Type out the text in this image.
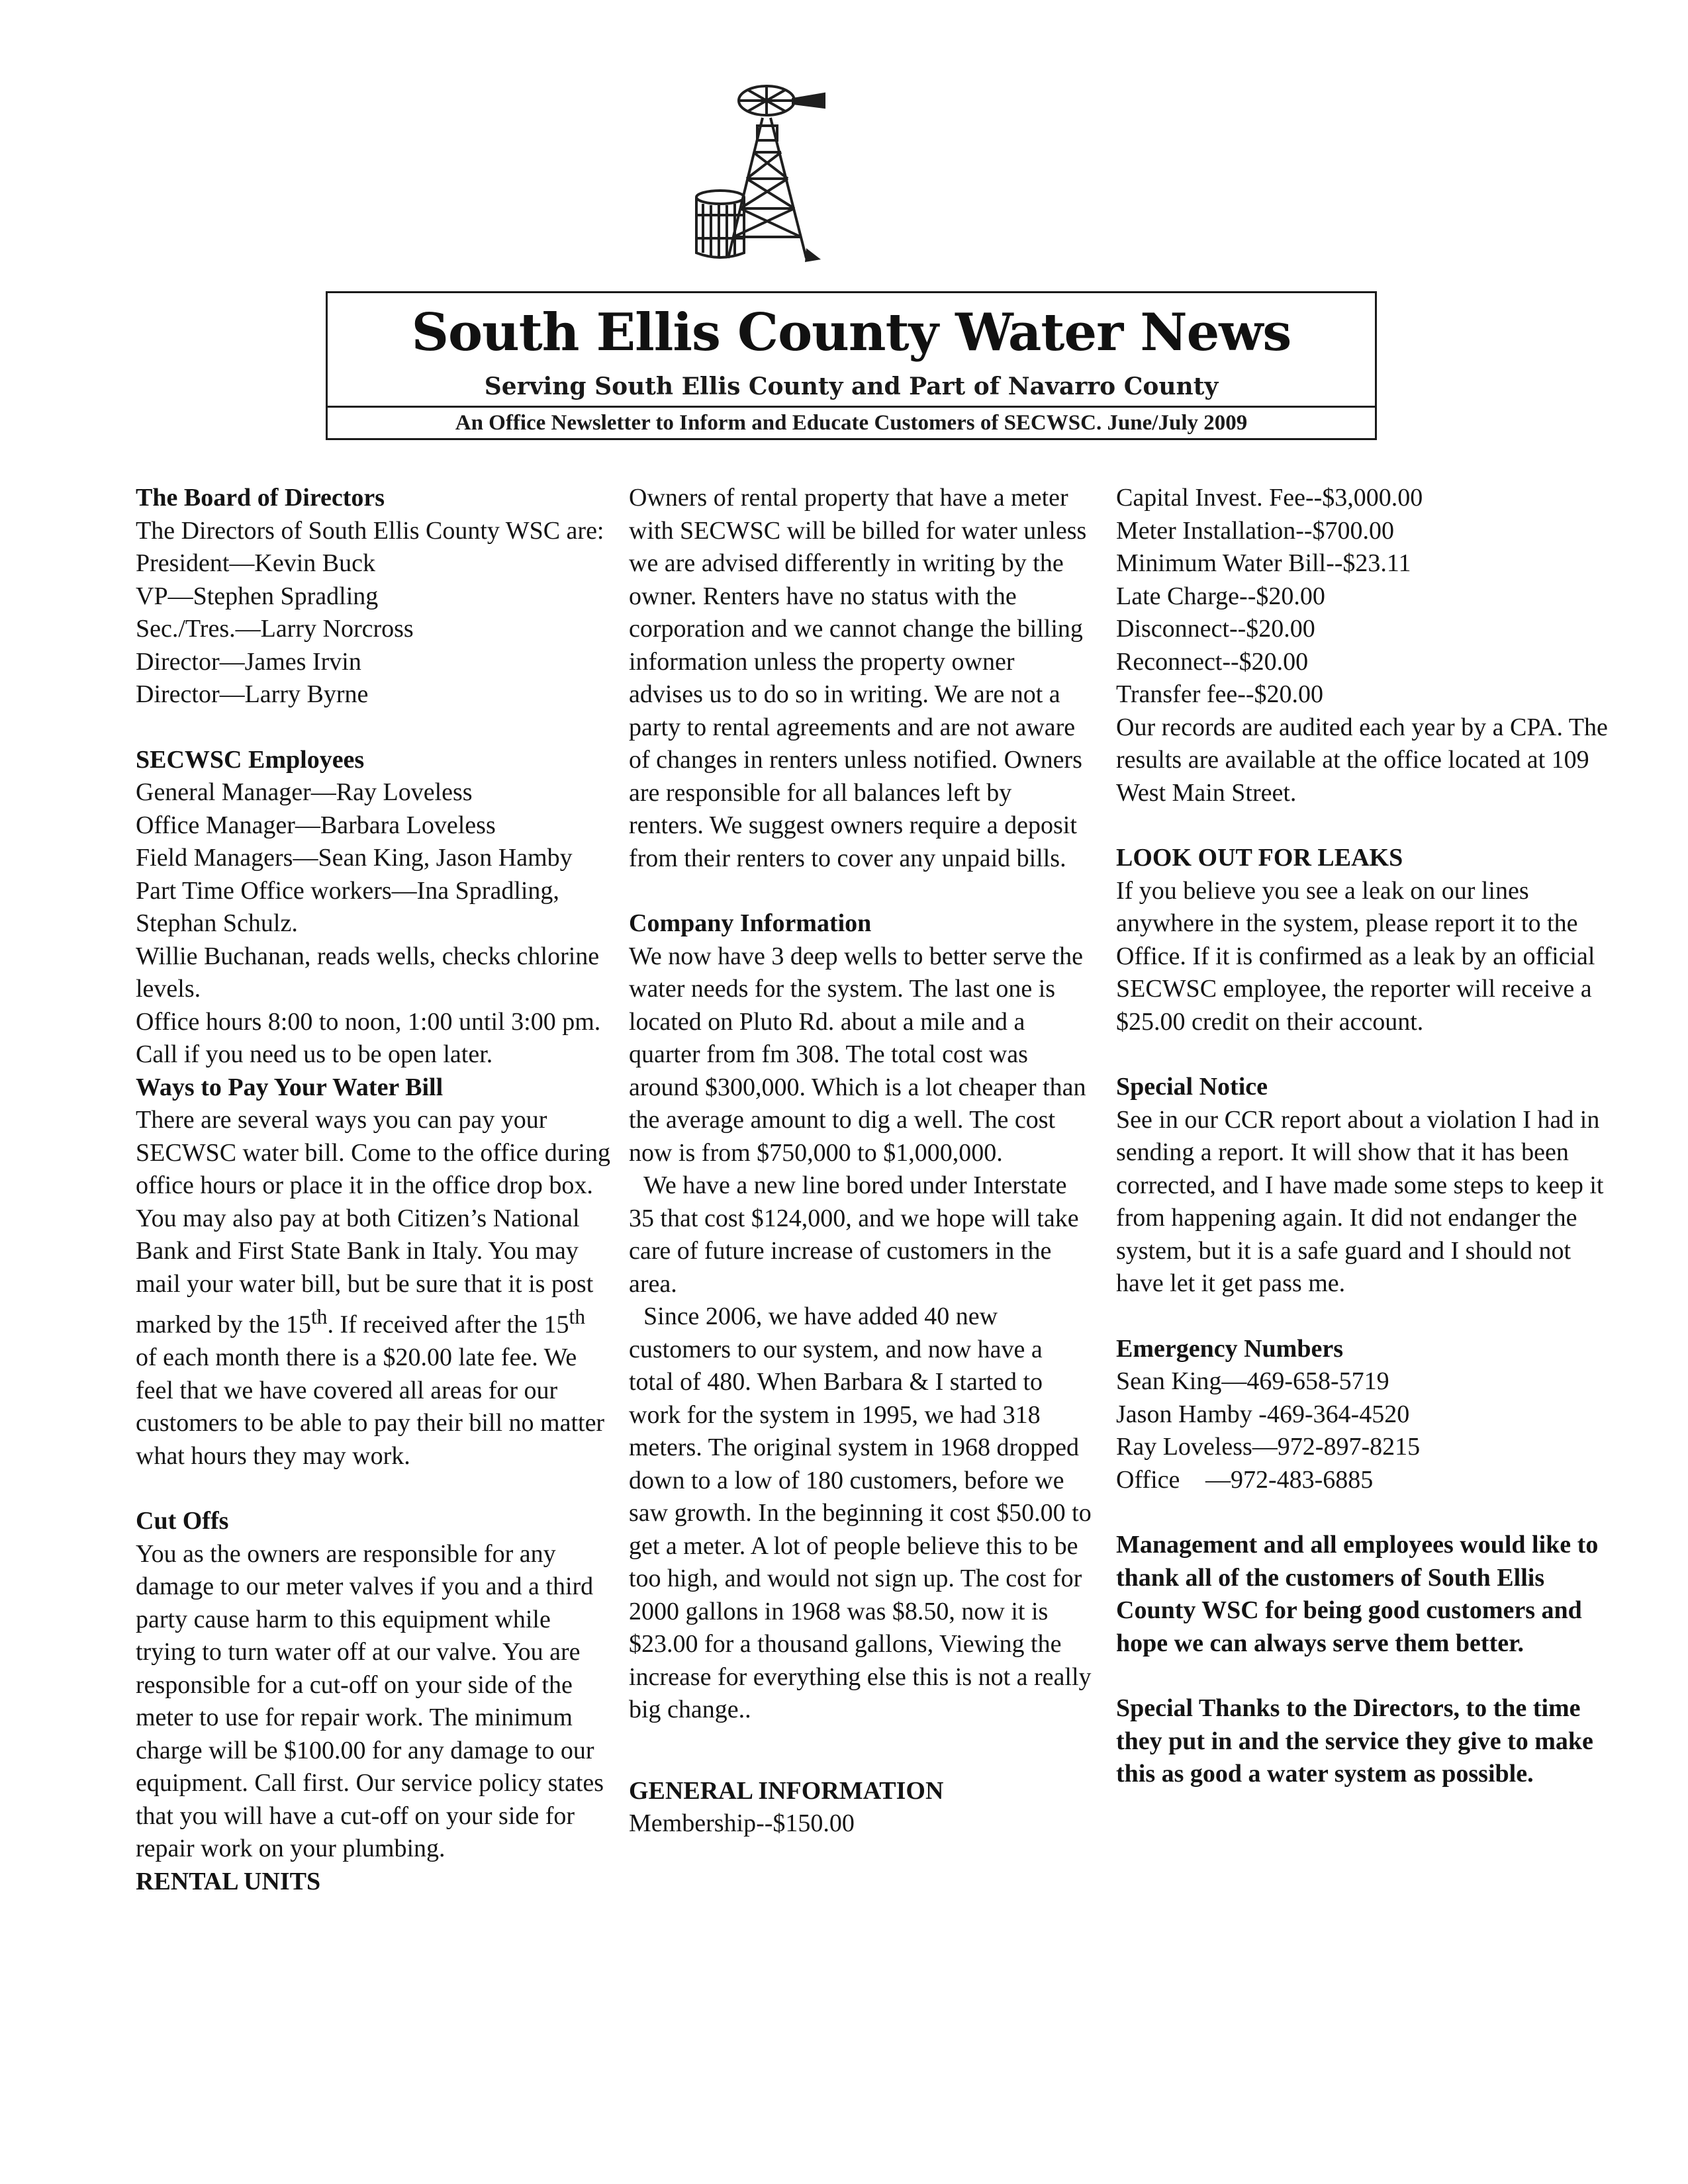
South Ellis County Water News
Serving South Ellis County and Part of Navarro County
An Office Newsletter to Inform and Educate Customers of SECWSC. June/July 2009

The Board of Directors

The Directors of South Ellis County WSC are:

President—Kevin Buck

VP—Stephen Spradling

Sec./Tres.—Larry Norcross

Director—James Irvin

Director—Larry Byrne

SECWSC Employees

General Manager—Ray Loveless

Office Manager—Barbara Loveless

Field Managers—Sean King, Jason Hamby

Part Time Office workers—Ina Spradling, Stephan Schulz.

Willie Buchanan, reads wells, checks chlorine levels.

Office hours 8:00 to noon, 1:00 until 3:00 pm. Call if you need us to be open later.

Ways to Pay Your Water Bill

There are several ways you can pay your SECWSC water bill. Come to the office during office hours or place it in the office drop box. You may also pay at both Citizen’s National Bank and First State Bank in Italy. You may mail your water bill, but be sure that it is post marked by the 15th. If received after the 15th of each month there is a $20.00 late fee. We feel that we have covered all areas for our customers to be able to pay their bill no matter what hours they may work.

Cut Offs

You as the owners are responsible for any damage to our meter valves if you and a third party cause harm to this equipment while trying to turn water off at our valve. You are responsible for a cut-off on your side of the meter to use for repair work. The minimum charge will be $100.00 for any damage to our equipment. Call first. Our service policy states that you will have a cut-off on your side for repair work on your plumbing.

RENTAL UNITS

Owners of rental property that have a meter with SECWSC will be billed for water unless we are advised differently in writing by the owner. Renters have no status with the corporation and we cannot change the billing information unless the property owner advises us to do so in writing. We are not a party to rental agreements and are not aware of changes in renters unless notified. Owners are responsible for all balances left by renters. We suggest owners require a deposit from their renters to cover any unpaid bills.

Company Information

We now have 3 deep wells to better serve the water needs for the system. The last one is located on Pluto Rd. about a mile and a quarter from fm 308. The total cost was around $300,000. Which is a lot cheaper than the average amount to dig a well. The cost now is from $750,000 to $1,000,000.

We have a new line bored under Interstate 35 that cost $124,000, and we hope will take care of future increase of customers in the area.

Since 2006, we have added 40 new customers to our system, and now have a total of 480. When Barbara & I started to work for the system in 1995, we had 318 meters. The original system in 1968 dropped down to a low of 180 customers, before we saw growth. In the beginning it cost $50.00 to get a meter. A lot of people believe this to be too high, and would not sign up. The cost for 2000 gallons in 1968 was $8.50, now it is $23.00 for a thousand gallons, Viewing the increase for everything else this is not a really big change..

GENERAL INFORMATION

Membership--$150.00

Capital Invest. Fee--$3,000.00

Meter Installation--$700.00

Minimum Water Bill--$23.11

Late Charge--$20.00

Disconnect--$20.00

Reconnect--$20.00

Transfer fee--$20.00

Our records are audited each year by a CPA. The results are available at the office located at 109 West Main Street.

LOOK OUT FOR LEAKS

If you believe you see a leak on our lines anywhere in the system, please report it to the Office. If it is confirmed as a leak by an official SECWSC employee, the reporter will receive a $25.00 credit on their account.

Special Notice

See in our CCR report about a violation I had in sending a report. It will show that it has been corrected, and I have made some steps to keep it from happening again. It did not endanger the system, but it is a safe guard and I should not have let it get pass me.

Emergency Numbers

Sean King—469-658-5719

Jason Hamby -469-364-4520

Ray Loveless—972-897-8215

Office —972-483-6885

Management and all employees would like to thank all of the customers of South Ellis County WSC for being good customers and hope we can always serve them better.

Special Thanks to the Directors, to the time they put in and the service they give to make this as good a water system as possible.
